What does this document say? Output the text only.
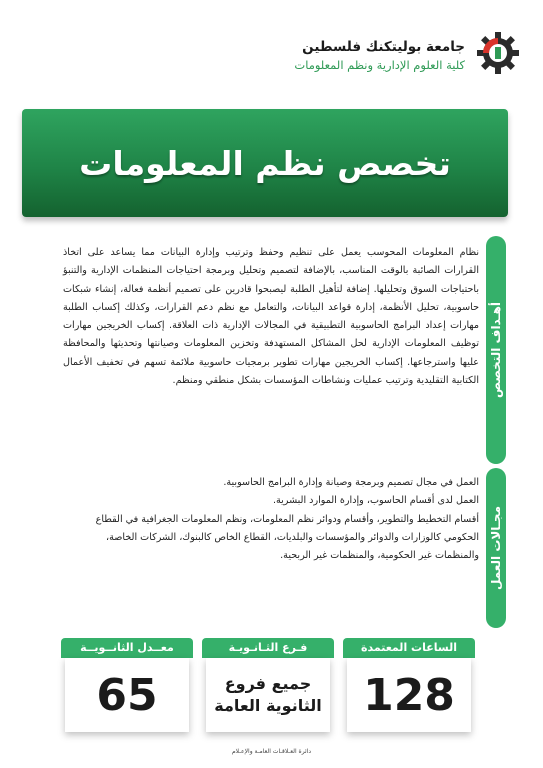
جامعة بوليتكنك فلسطين
كلية العلوم الإدارية ونظم المعلومات
تخصص نظم المعلومات
أهـداف التخصص

نظام المعلومات المحوسب يعمل على تنظيم وحفظ وترتيب وإدارة البيانات مما يساعد على اتخاذ القرارات الصائبة بالوقت المناسب، بالإضافة لتصميم وتحليل وبرمجة احتياجات المنظمات الإدارية والتنبؤ باحتياجات السوق وتحليلها. إضافة لتأهيل الطلبة ليصبحوا قادرين على تصميم أنظمة فعالة، إنشاء شبكات حاسوبية، تحليل الأنظمة، إدارة قواعد البيانات، والتعامل مع نظم دعم القرارات، وكذلك إكساب الطلبة مهارات إعداد البرامج الحاسوبية التطبيقية في المجالات الإدارية ذات العلاقة. إكساب الخريجين مهارات توظيف المعلومات الإدارية لحل المشاكل المستهدفة وتخزين المعلومات وصيانتها وتحديثها والمحافظة عليها واسترجاعها. إكساب الخريجين مهارات تطوير برمجيات حاسوبية ملائمة تسهم في تخفيف الأعمال الكتابية التقليدية وترتيب عمليات ونشاطات المؤسسات بشكل منطقي ومنظم.

مجـالات العمل
العمل في مجال تصميم وبرمجة وصيانة وإدارة البرامج الحاسوبية.
العمل لدى أقسام الحاسوب، وإدارة الموارد البشرية.
أقسام التخطيط والتطوير، وأقسام ودوائر نظم المعلومات، ونظم المعلومات الجغرافية في القطاع الحكومي كالوزارات والدوائر والمؤسسات والبلديات، القطاع الخاص كالبنوك، الشركات الخاصة، والمنظمات غير الحكومية، والمنظمات غير الربحية.
الساعات المعتمدة
128
فـرع الثـانـويـة
جميع فروع
الثانوية العامة
معــدل الثانــويــة
65
دائرة العـلاقـات العامـة والإعـلام
